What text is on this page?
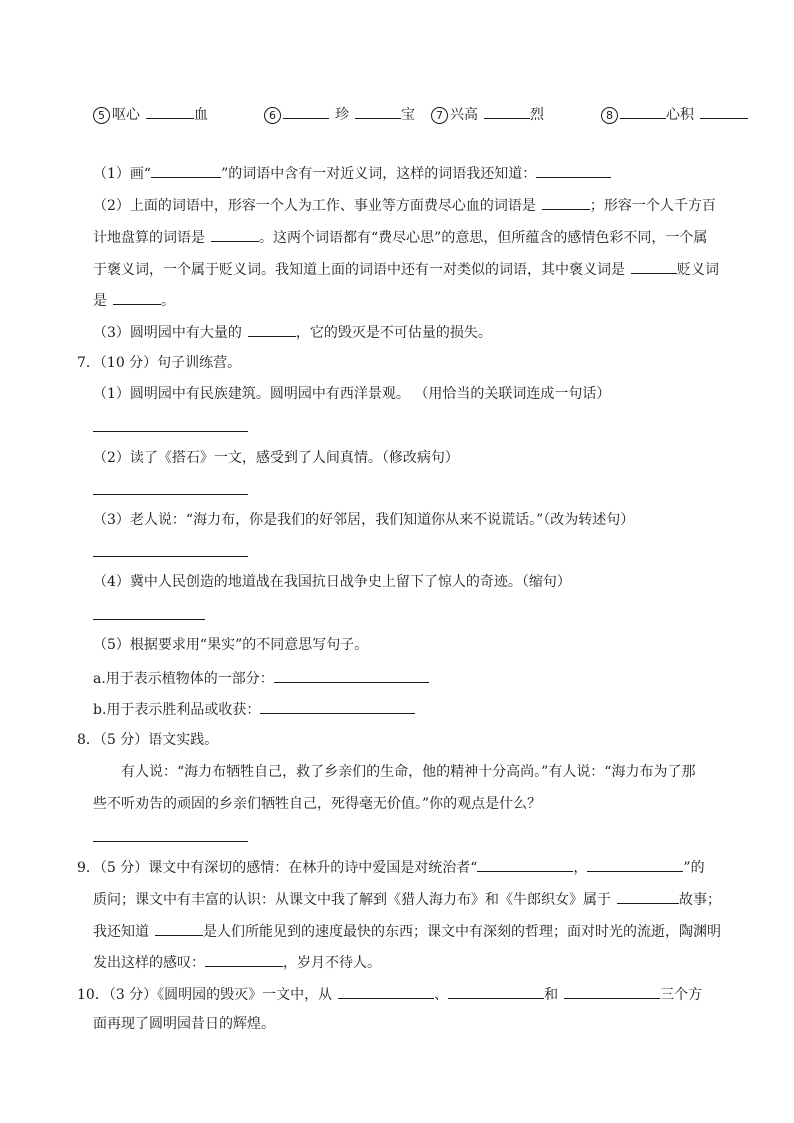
5 呕心	血	6	珍	宝	7 兴高	烈	8	心积
（1）画“	”的词语中含有一对近义词，这样的词语我还知道：
（2）上面的词语中，形容一个人为工作、事业等方面费尽心血的词语是	；形容一个人千方百
计地盘算的词语是	。这两个词语都有“费尽心思”的意思，但所蕴含的感情色彩不同，一个属
于褒义词，一个属于贬义词。我知道上面的词语中还有一对类似的词语，其中褒义词是	贬义词
是	。
（3）圆明园中有大量的	，它的毁灭是不可估量的损失。
7．（10 分）句子训练营。
（1）圆明园中有民族建筑。圆明园中有西洋景观。 （用恰当的关联词连成一句话）
（2）读了《搭石》一文，感受到了人间真情。（修改病句）
（3）老人说：“海力布，你是我们的好邻居，我们知道你从来不说谎话。”（改为转述句）
（4）冀中人民创造的地道战在我国抗日战争史上留下了惊人的奇迹。（缩句）
（5）根据要求用“果实”的不同意思写句子。
a.用于表示植物体的一部分：
b.用于表示胜利品或收获：
8．（5 分）语文实践。
有人说：“海力布牺牲自己，救了乡亲们的生命，他的精神十分高尚。”有人说：“海力布为了那
些不听劝告的顽固的乡亲们牺牲自己，死得毫无价值。”你的观点是什么？
9．（5 分）课文中有深切的感情：在林升的诗中爱国是对统治者“	，	”的
质问；课文中有丰富的认识：从课文中我了解到《猎人海力布》和《牛郎织女》属于	故事；
我还知道	是人们所能见到的速度最快的东西；课文中有深刻的哲理；面对时光的流逝，陶渊明
发出这样的感叹：	，岁月不待人。
10．（3 分）《圆明园的毁灭》一文中，从	、	和	三个方
面再现了圆明园昔日的辉煌。
